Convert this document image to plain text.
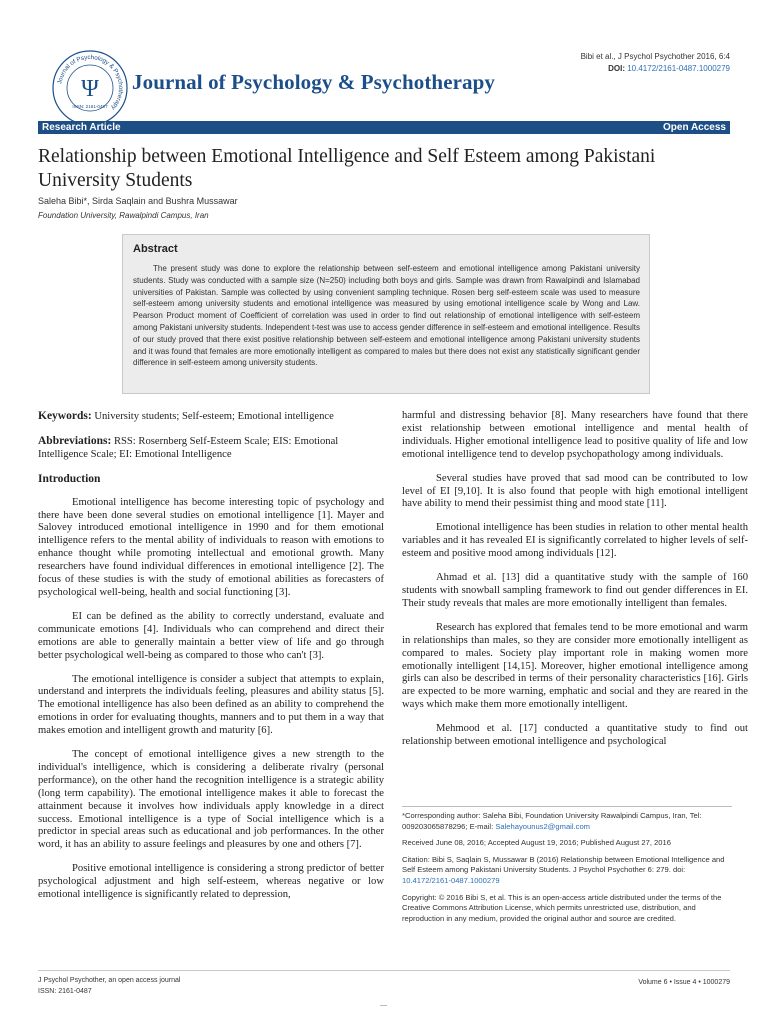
Journal of Psychology & Psychotherapy
ISSN: 2161-0487
Ψ Journal of Psychology & Psychotherapy
Bibi et al., J Psychol Psychother 2016, 6:4
DOI: 10.4172/2161-0487.1000279
Research Article	Open Access
Relationship between Emotional Intelligence and Self Esteem among Pakistani University Students
Saleha Bibi*, Sirda Saqlain and Bushra Mussawar
Foundation University, Rawalpindi Campus, Iran
Abstract

The present study was done to explore the relationship between self-esteem and emotional intelligence among Pakistani university students. Study was conducted with a sample size (N=250) including both boys and girls. Sample was drawn from Rawalpindi and Islamabad universities of Pakistan. Sample was collected by using convenient sampling technique. Rosen berg self-esteem scale was used to measure self-esteem among university students and emotional intelligence was measured by using emotional intelligence scale by Wong and Law. Pearson Product moment of Coefficient of correlation was used in order to find out relationship of emotional intelligence with self-esteem among Pakistani university students. Independent t-test was use to access gender difference in self-esteem and emotional intelligence. Results of our study proved that there exist positive relationship between self-esteem and emotional intelligence among Pakistani university students and it was found that females are more emotionally intelligent as compared to males but there does not exist any statistically significant gender difference in self-esteem among university students.

Keywords: University students; Self-esteem; Emotional intelligence

Abbreviations: RSS: Rosernberg Self-Esteem Scale; EIS: Emotional Intelligence Scale; EI: Emotional Intelligence

Introduction

Emotional intelligence has become interesting topic of psychology and there have been done several studies on emotional intelligence [1]. Mayer and Salovey introduced emotional intelligence in 1990 and for them emotional intelligence refers to the mental ability of individuals to reason with emotions to enhance thought while promoting intellectual and emotional growth. Many researchers have found individual differences in emotional intelligence [2]. The focus of these studies is with the study of emotional abilities as forecasters of psychological well-being, health and social functioning [3].

EI can be defined as the ability to correctly understand, evaluate and communicate emotions [4]. Individuals who can comprehend and direct their emotions are able to generally maintain a better view of life and go through better psychological well-being as compared to those who can't [3].

The emotional intelligence is consider a subject that attempts to explain, understand and interprets the individuals feeling, pleasures and ability status [5]. The emotional intelligence has also been defined as an ability to comprehend the emotions in order for evaluating thoughts, manners and to put them in a way that makes emotion and intelligent growth and maturity [6].

The concept of emotional intelligence gives a new strength to the individual's intelligence, which is considering a deliberate rivalry (personal performance), on the other hand the recognition intelligence is a strategic ability (long term capability). The emotional intelligence makes it able to forecast the attainment because it involves how individuals apply knowledge in a direct success. Emotional intelligence is a type of Social intelligence which is a predictor in special areas such as educational and job performances. In the other word, it has an ability to assure feelings and pleasures by one and others [7].

Positive emotional intelligence is considering a strong predictor of better psychological adjustment and high self-esteem, whereas negative or low emotional intelligence is significantly related to depression,

harmful and distressing behavior [8]. Many researchers have found that there exist relationship between emotional intelligence and mental health of individuals. Higher emotional intelligence lead to positive quality of life and low emotional intelligence tend to develop psychopathology among individuals.

Several studies have proved that sad mood can be contributed to low level of EI [9,10]. It is also found that people with high emotional intelligent have ability to mend their pessimist thing and mood state [11].

Emotional intelligence has been studies in relation to other mental health variables and it has revealed EI is significantly correlated to higher levels of self-esteem and positive mood among individuals [12].

Ahmad et al. [13] did a quantitative study with the sample of 160 students with snowball sampling framework to find out gender differences in EI. Their study reveals that males are more emotionally intelligent than females.

Research has explored that females tend to be more emotional and warm in relationships than males, so they are consider more emotionally intelligent as compared to males. Society play important role in making women more emotionally intelligent [14,15]. Moreover, higher emotional intelligence among girls can also be described in terms of their personality characteristics [16]. Girls are expected to be more warning, emphatic and social and they are reared in the ways which make them more emotionally intelligent.

Mehmood et al. [17] conducted a quantitative study to find out relationship between emotional intelligence and psychological

*Corresponding author: Saleha Bibi, Foundation University Rawalpindi Campus, Iran, Tel: 009203065878296; E-mail: Salehayounus2@gmail.com

Received June 08, 2016; Accepted August 19, 2016; Published August 27, 2016

Citation: Bibi S, Saqlain S, Mussawar B (2016) Relationship between Emotional Intelligence and Self Esteem among Pakistani University Students. J Psychol Psychother 6: 279. doi: 10.4172/2161-0487.1000279

Copyright: © 2016 Bibi S, et al. This is an open-access article distributed under the terms of the Creative Commons Attribution License, which permits unrestricted use, distribution, and reproduction in any medium, provided the original author and source are credited.

J Psychol Psychother, an open access journal
ISSN: 2161-0487
Volume 6 • Issue 4 • 1000279
—
